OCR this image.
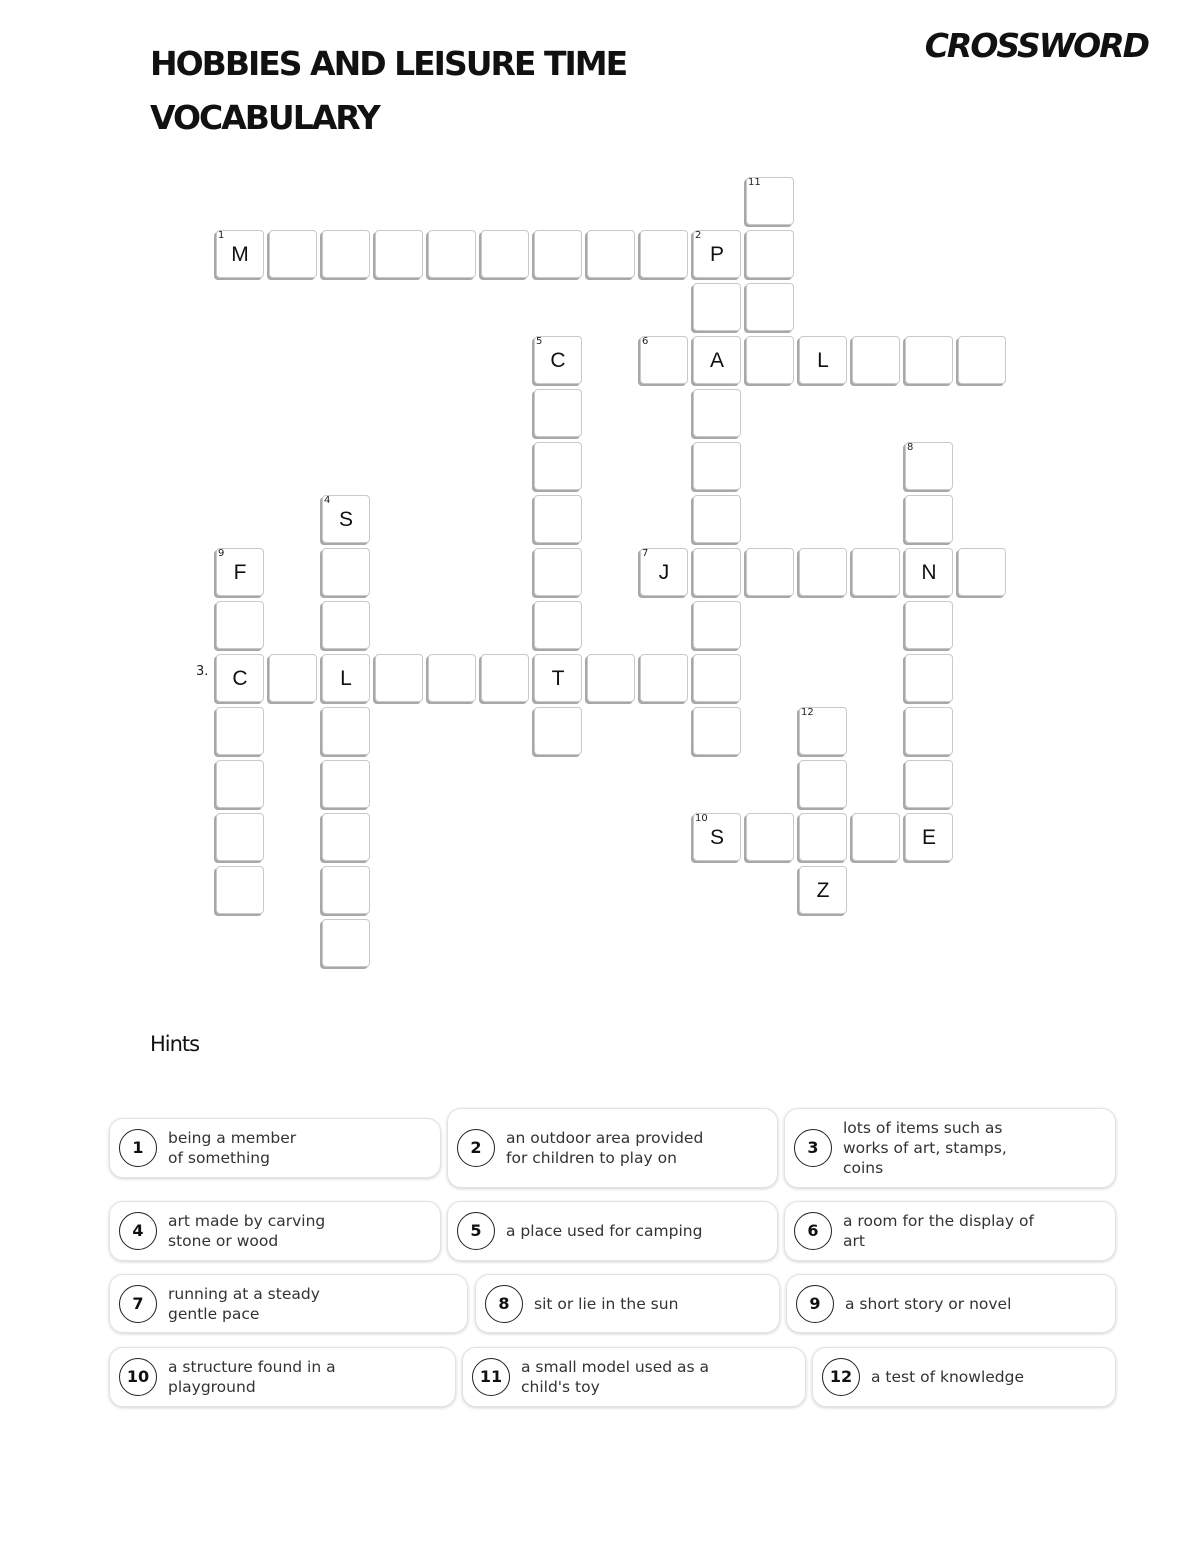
HOBBIES AND LEISURE TIME
VOCABULARY
CROSSWORD
11
1
M
2
P
5
C
6
A	L
8
4
S
9
F
7
J	N
C	L	T
12
10
S	E
Z
3.
Hints
1	being a member of something

2	an outdoor area provided for children to play on

3

lots of items such as works of art, stamps, coins

4	art made by carving stone or wood

5	a place used for camping	6	a room for the display of art

7	running at a steady gentle pace

8	sit or lie in the sun	9	a short story or novel

10	a structure found in a playground

11	a small model used as a child's toy

12	a test of knowledge
